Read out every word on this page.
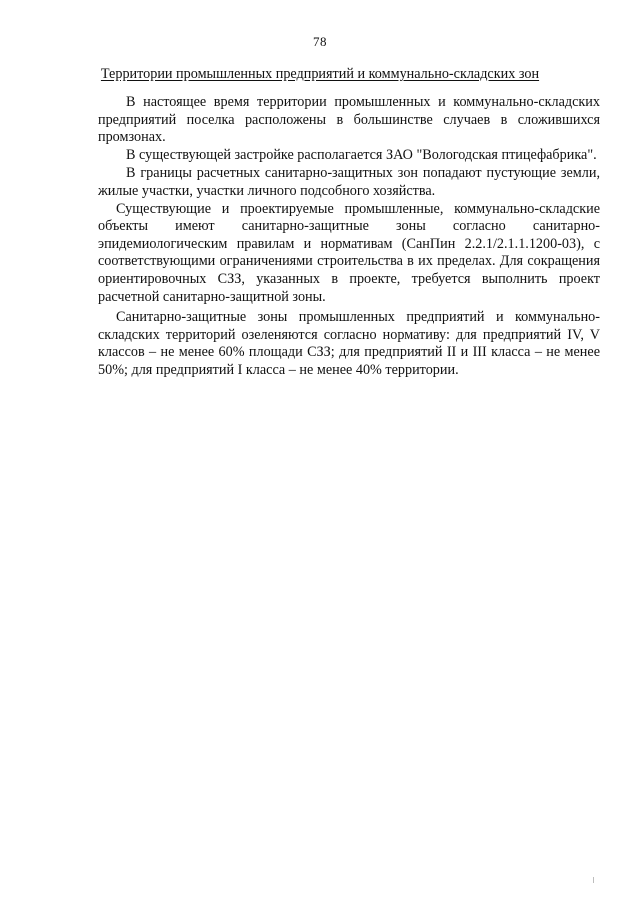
78
Территории промышленных предприятий и коммунально-складских зон

В настоящее время территории промышленных и коммунально-складских предприятий поселка расположены в большинстве случаев в сложившихся промзонах.

В существующей застройке располагается ЗАО "Вологодская птицефабрика".

В границы расчетных санитарно-защитных зон попадают пустующие земли, жилые участки, участки личного подсобного хозяйства.

Существующие и проектируемые промышленные, коммунально-складские объекты имеют санитарно-защитные зоны согласно санитарно-эпидемиологическим правилам и нормативам (СанПин 2.2.1/2.1.1.1200-03), с соответствующими ограничениями строительства в их пределах. Для сокращения ориентировочных СЗЗ, указанных в проекте, требуется выполнить проект расчетной санитарно-защитной зоны.

Санитарно-защитные зоны промышленных предприятий и коммунально-складских территорий озеленяются согласно нормативу: для предприятий IV, V классов – не менее 60% площади СЗЗ; для предприятий II и III класса – не менее 50%; для предприятий I класса – не менее 40% территории.
